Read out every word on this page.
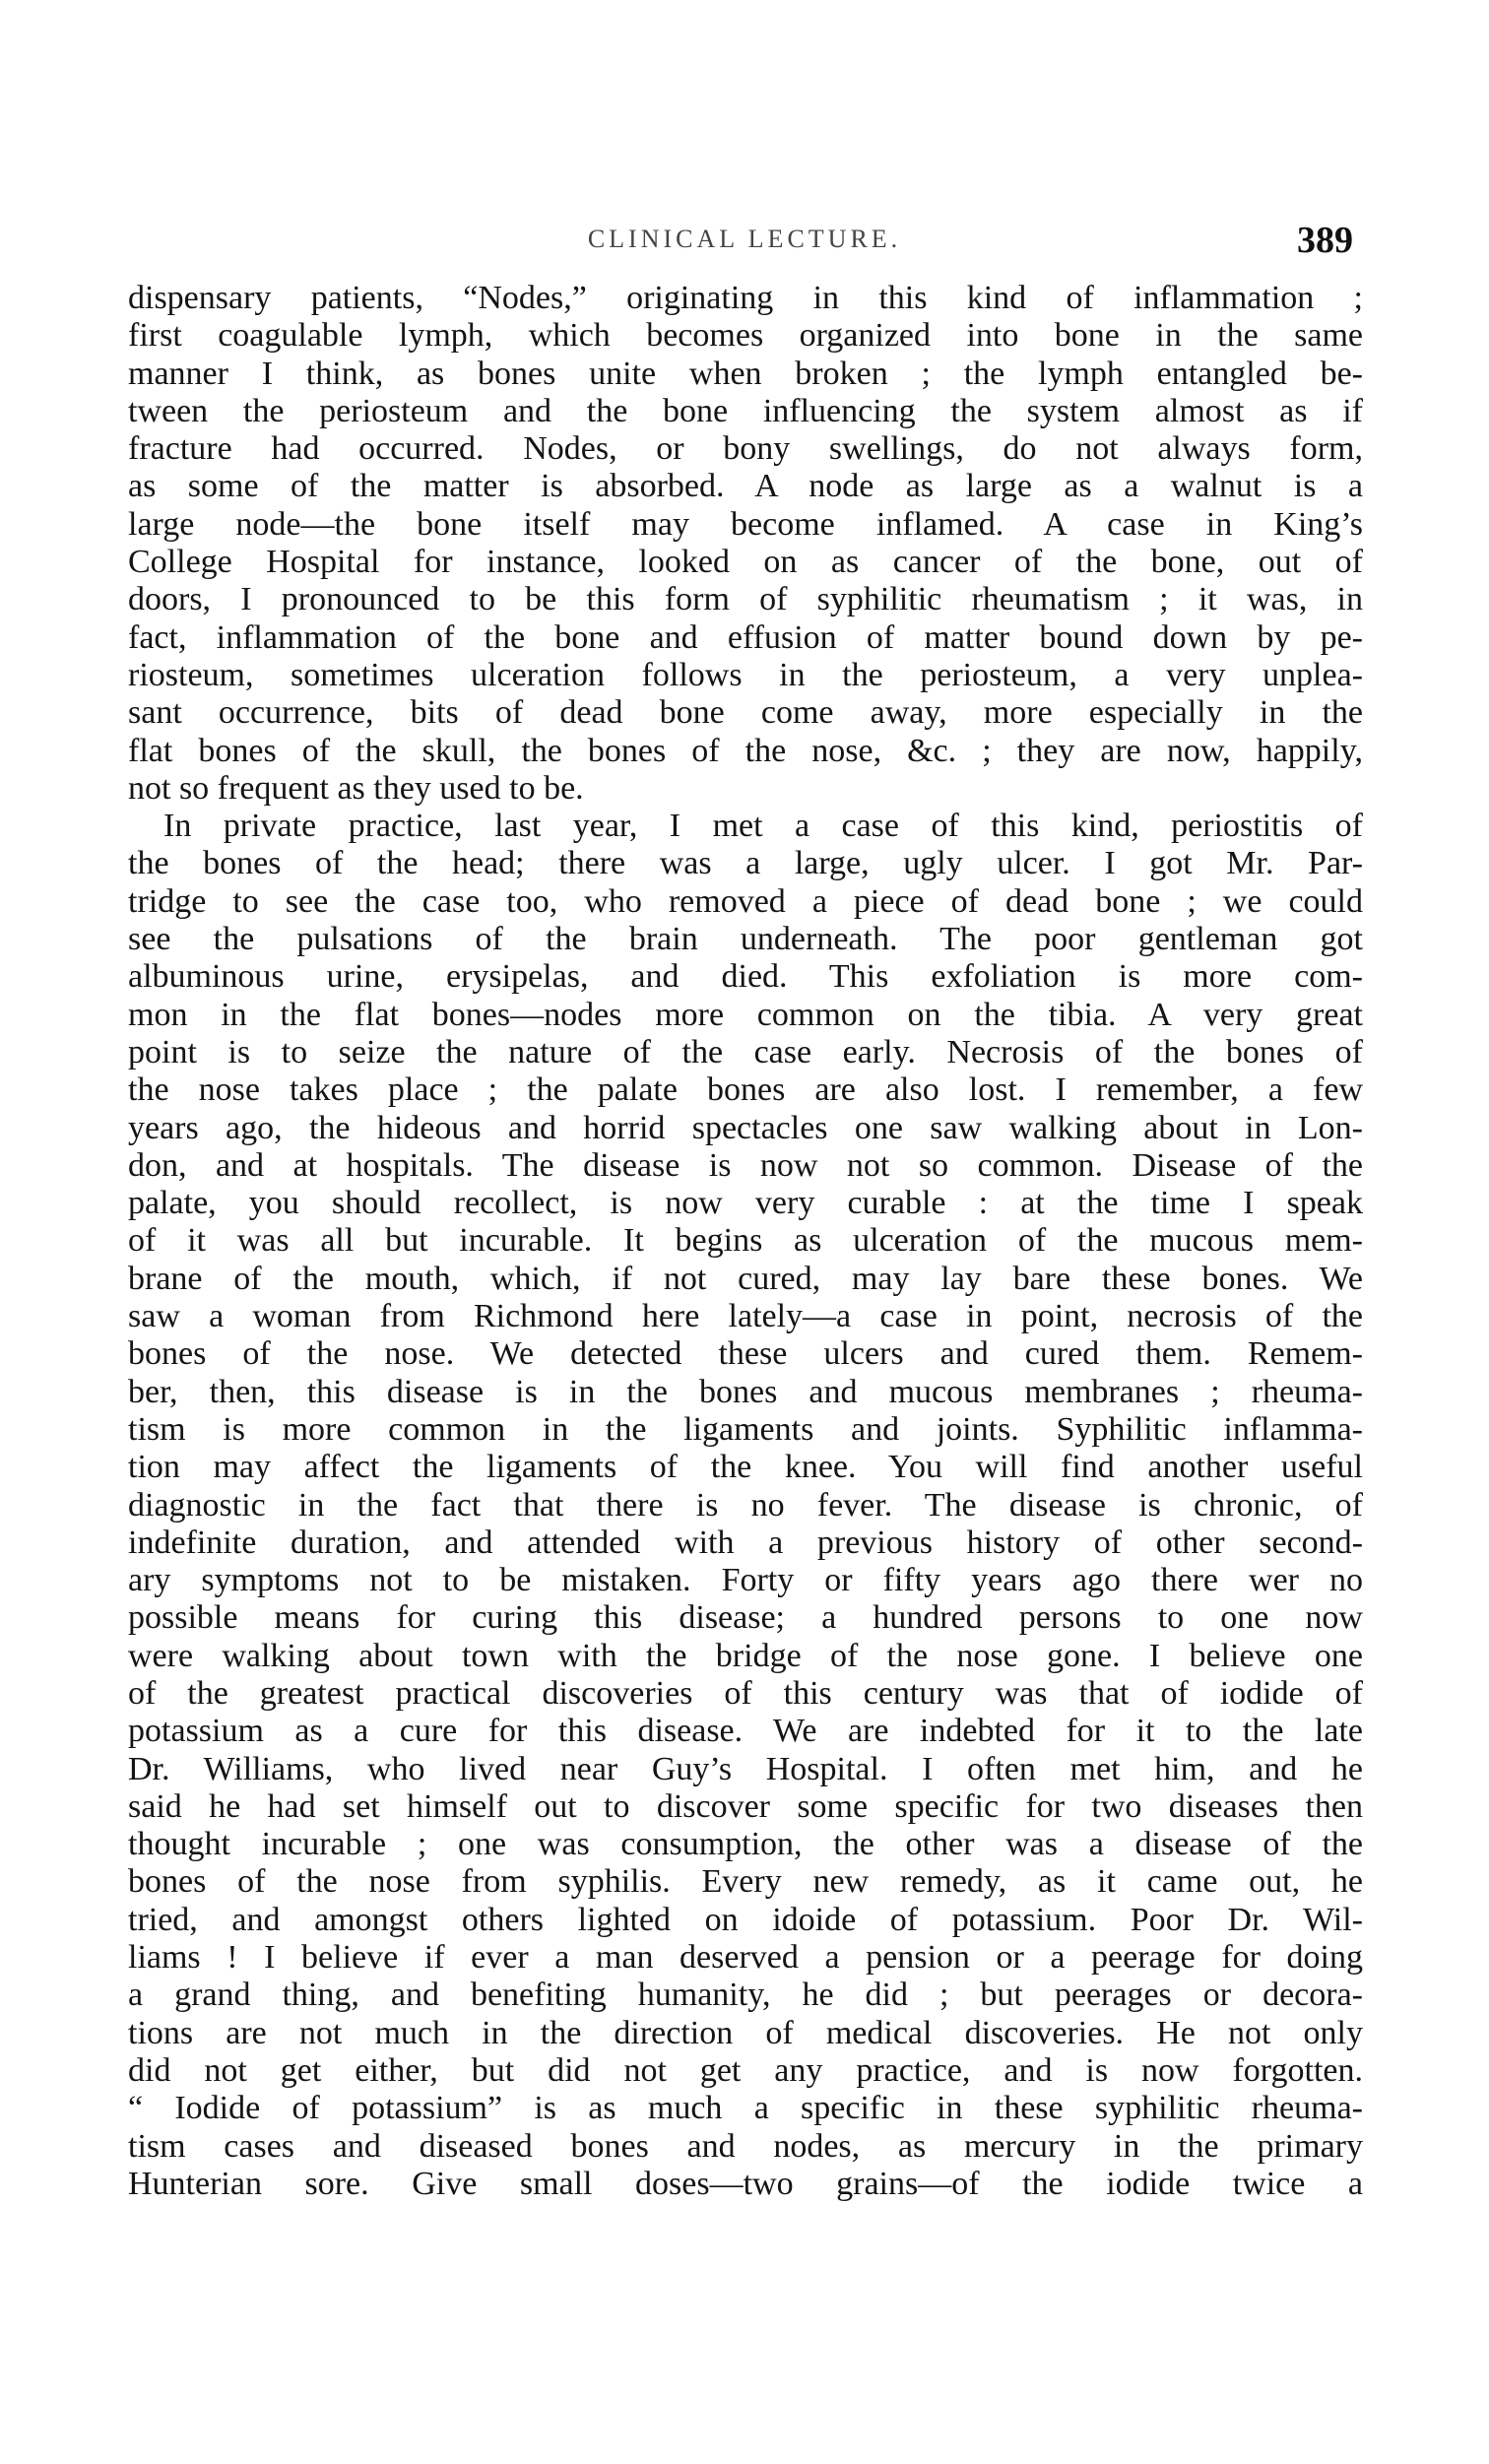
CLINICAL LECTURE.	389
dispensary patients, “Nodes,” originating in this kind of inflammation ;
first coagulable lymph, which becomes organized into bone in the same
manner I think, as bones unite when broken ; the lymph entangled be-
tween the periosteum and the bone influencing the system almost as if
fracture had occurred. Nodes, or bony swellings, do not always form,
as some of the matter is absorbed. A node as large as a walnut is a
large node—the bone itself may become inflamed. A case in King’s
College Hospital for instance, looked on as cancer of the bone, out of
doors, I pronounced to be this form of syphilitic rheumatism ; it was, in
fact, inflammation of the bone and effusion of matter bound down by pe-
riosteum, sometimes ulceration follows in the periosteum, a very unplea-
sant occurrence, bits of dead bone come away, more especially in the
flat bones of the skull, the bones of the nose, &c. ; they are now, happily,
not so frequent as they used to be.
In private practice, last year, I met a case of this kind, periostitis of
the bones of the head; there was a large, ugly ulcer. I got Mr. Par-
tridge to see the case too, who removed a piece of dead bone ; we could
see the pulsations of the brain underneath. The poor gentleman got
albuminous urine, erysipelas, and died. This exfoliation is more com-
mon in the flat bones—nodes more common on the tibia. A very great
point is to seize the nature of the case early. Necrosis of the bones of
the nose takes place ; the palate bones are also lost. I remember, a few
years ago, the hideous and horrid spectacles one saw walking about in Lon-
don, and at hospitals. The disease is now not so common. Disease of the
palate, you should recollect, is now very curable : at the time I speak
of it was all but incurable. It begins as ulceration of the mucous mem-
brane of the mouth, which, if not cured, may lay bare these bones. We
saw a woman from Richmond here lately—a case in point, necrosis of the
bones of the nose. We detected these ulcers and cured them. Remem-
ber, then, this disease is in the bones and mucous membranes ; rheuma-
tism is more common in the ligaments and joints. Syphilitic inflamma-
tion may affect the ligaments of the knee. You will find another useful
diagnostic in the fact that there is no fever. The disease is chronic, of
indefinite duration, and attended with a previous history of other second-
ary symptoms not to be mistaken. Forty or fifty years ago there wer no
possible means for curing this disease; a hundred persons to one now
were walking about town with the bridge of the nose gone. I believe one
of the greatest practical discoveries of this century was that of iodide of
potassium as a cure for this disease. We are indebted for it to the late
Dr. Williams, who lived near Guy’s Hospital. I often met him, and he
said he had set himself out to discover some specific for two diseases then
thought incurable ; one was consumption, the other was a disease of the
bones of the nose from syphilis. Every new remedy, as it came out, he
tried, and amongst others lighted on idoide of potassium. Poor Dr. Wil-
liams ! I believe if ever a man deserved a pension or a peerage for doing
a grand thing, and benefiting humanity, he did ; but peerages or decora-
tions are not much in the direction of medical discoveries. He not only
did not get either, but did not get any practice, and is now forgotten.
“ Iodide of potassium” is as much a specific in these syphilitic rheuma-
tism cases and diseased bones and nodes, as mercury in the primary
Hunterian sore. Give small doses—two grains—of the iodide twice a
